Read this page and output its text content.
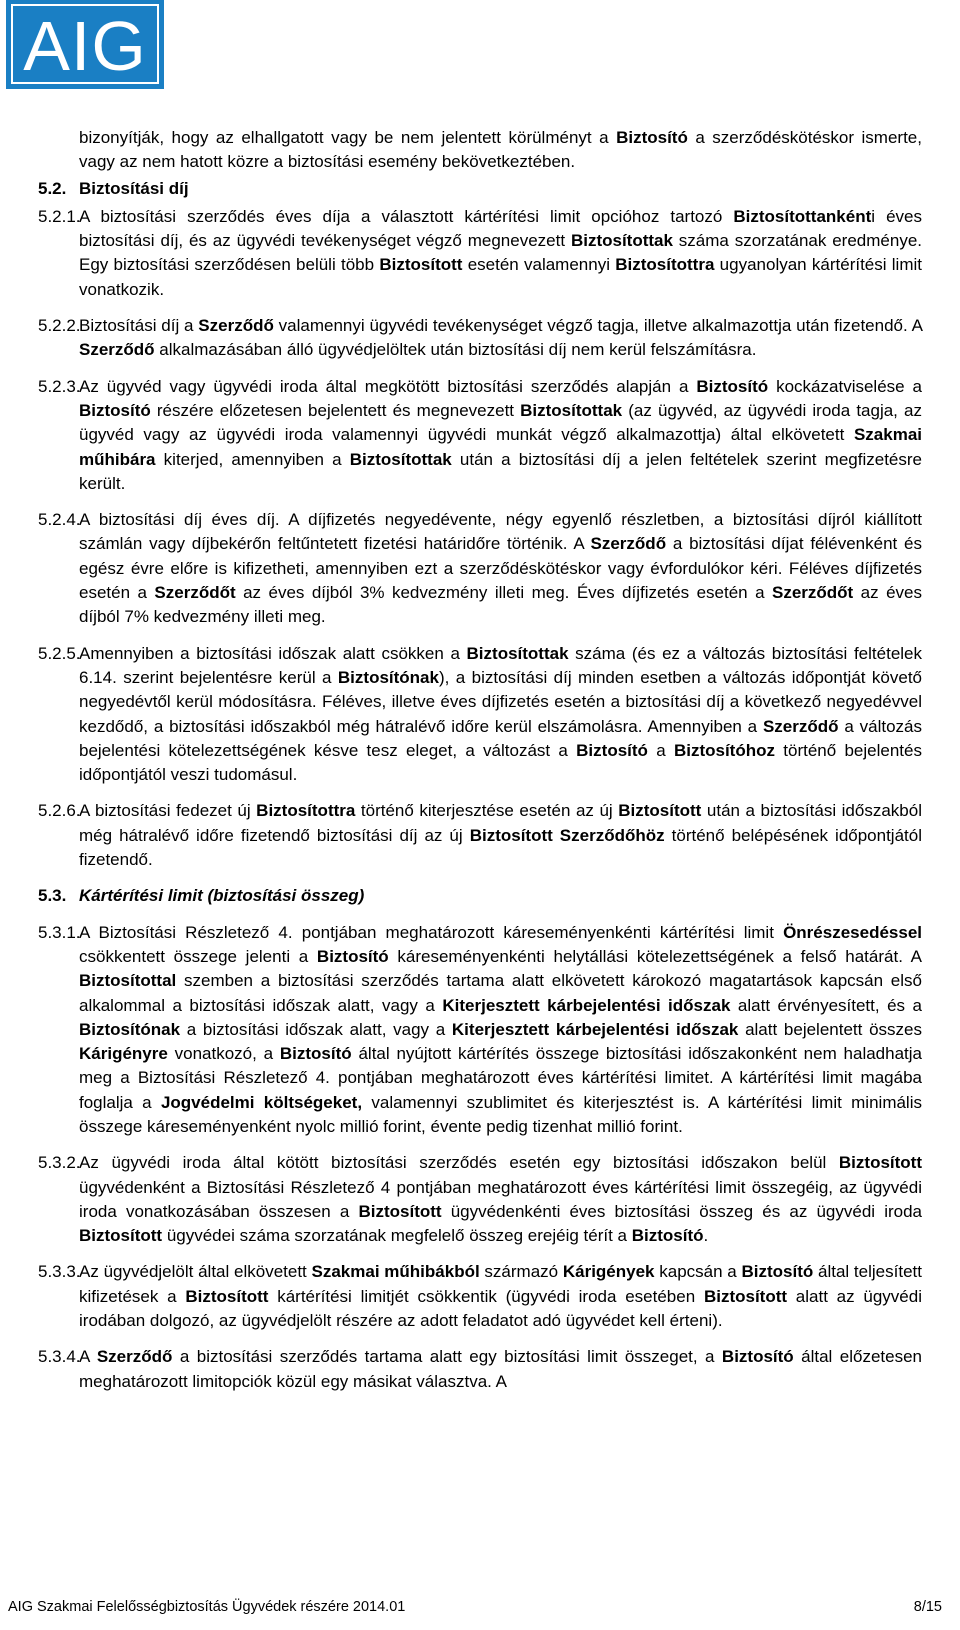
AIG
bizonyítják, hogy az elhallgatott vagy be nem jelentett körülményt a Biztosító a szerződéskötéskor ismerte, vagy az nem hatott közre a biztosítási esemény bekövetkeztében.
5.2. Biztosítási díj
5.2.1.
A biztosítási szerződés éves díja a választott kártérítési limit opcióhoz tartozó Biztosítottankénti éves biztosítási díj, és az ügyvédi tevékenységet végző megnevezett Biztosítottak száma szorzatának eredménye. Egy biztosítási szerződésen belüli több Biztosított esetén valamennyi Biztosítottra ugyanolyan kártérítési limit vonatkozik.
5.2.2.
Biztosítási díj a Szerződő valamennyi ügyvédi tevékenységet végző tagja, illetve alkalmazottja után fizetendő. A Szerződő alkalmazásában álló ügyvédjelöltek után biztosítási díj nem kerül felszámításra.
5.2.3.
Az ügyvéd vagy ügyvédi iroda által megkötött biztosítási szerződés alapján a Biztosító kockázatviselése a Biztosító részére előzetesen bejelentett és megnevezett Biztosítottak (az ügyvéd, az ügyvédi iroda tagja, az ügyvéd vagy az ügyvédi iroda valamennyi ügyvédi munkát végző alkalmazottja) által elkövetett Szakmai műhibára kiterjed, amennyiben a Biztosítottak után a biztosítási díj a jelen feltételek szerint megfizetésre került.
5.2.4.
A biztosítási díj éves díj. A díjfizetés negyedévente, négy egyenlő részletben, a biztosítási díjról kiállított számlán vagy díjbekérőn feltűntetett fizetési határidőre történik. A Szerződő a biztosítási díjat félévenként és egész évre előre is kifizetheti, amennyiben ezt a szerződéskötéskor vagy évfordulókor kéri. Féléves díjfizetés esetén a Szerződőt az éves díjból 3% kedvezmény illeti meg. Éves díjfizetés esetén a Szerződőt az éves díjból 7% kedvezmény illeti meg.
5.2.5.
Amennyiben a biztosítási időszak alatt csökken a Biztosítottak száma (és ez a változás biztosítási feltételek 6.14. szerint bejelentésre kerül a Biztosítónak), a biztosítási díj minden esetben a változás időpontját követő negyedévtől kerül módosításra. Féléves, illetve éves díjfizetés esetén a biztosítási díj a következő negyedévvel kezdődő, a biztosítási időszakból még hátralévő időre kerül elszámolásra. Amennyiben a Szerződő a változás bejelentési kötelezettségének késve tesz eleget, a változást a Biztosító a Biztosítóhoz történő bejelentés időpontjától veszi tudomásul.
5.2.6.
A biztosítási fedezet új Biztosítottra történő kiterjesztése esetén az új Biztosított után a biztosítási időszakból még hátralévő időre fizetendő biztosítási díj az új Biztosított Szerződőhöz történő belépésének időpontjától fizetendő.
5.3. Kártérítési limit (biztosítási összeg)
5.3.1.
A Biztosítási Részletező 4. pontjában meghatározott káreseményenkénti kártérítési limit Önrészesedéssel csökkentett összege jelenti a Biztosító káreseményenkénti helytállási kötelezettségének a felső határát. A Biztosítottal szemben a biztosítási szerződés tartama alatt elkövetett károkozó magatartások kapcsán első alkalommal a biztosítási időszak alatt, vagy a Kiterjesztett kárbejelentési időszak alatt érvényesített, és a Biztosítónak a biztosítási időszak alatt, vagy a Kiterjesztett kárbejelentési időszak alatt bejelentett összes Kárigényre vonatkozó, a Biztosító által nyújtott kártérítés összege biztosítási időszakonként nem haladhatja meg a Biztosítási Részletező 4. pontjában meghatározott éves kártérítési limitet. A kártérítési limit magába foglalja a Jogvédelmi költségeket, valamennyi szublimitet és kiterjesztést is. A kártérítési limit minimális összege káreseményenként nyolc millió forint, évente pedig tizenhat millió forint.
5.3.2.
Az ügyvédi iroda által kötött biztosítási szerződés esetén egy biztosítási időszakon belül Biztosított ügyvédenként a Biztosítási Részletező 4 pontjában meghatározott éves kártérítési limit összegéig, az ügyvédi iroda vonatkozásában összesen a Biztosított ügyvédenkénti éves biztosítási összeg és az ügyvédi iroda Biztosított ügyvédei száma szorzatának megfelelő összeg erejéig térít a Biztosító.
5.3.3.
Az ügyvédjelölt által elkövetett Szakmai műhibákból származó Kárigények kapcsán a Biztosító által teljesített kifizetések a Biztosított kártérítési limitjét csökkentik (ügyvédi iroda esetében Biztosított alatt az ügyvédi irodában dolgozó, az ügyvédjelölt részére az adott feladatot adó ügyvédet kell érteni).
5.3.4.
A Szerződő a biztosítási szerződés tartama alatt egy biztosítási limit összeget, a Biztosító által előzetesen meghatározott limitopciók közül egy másikat választva. A
AIG Szakmai Felelősségbiztosítás Ügyvédek részére 2014.01	8/15
